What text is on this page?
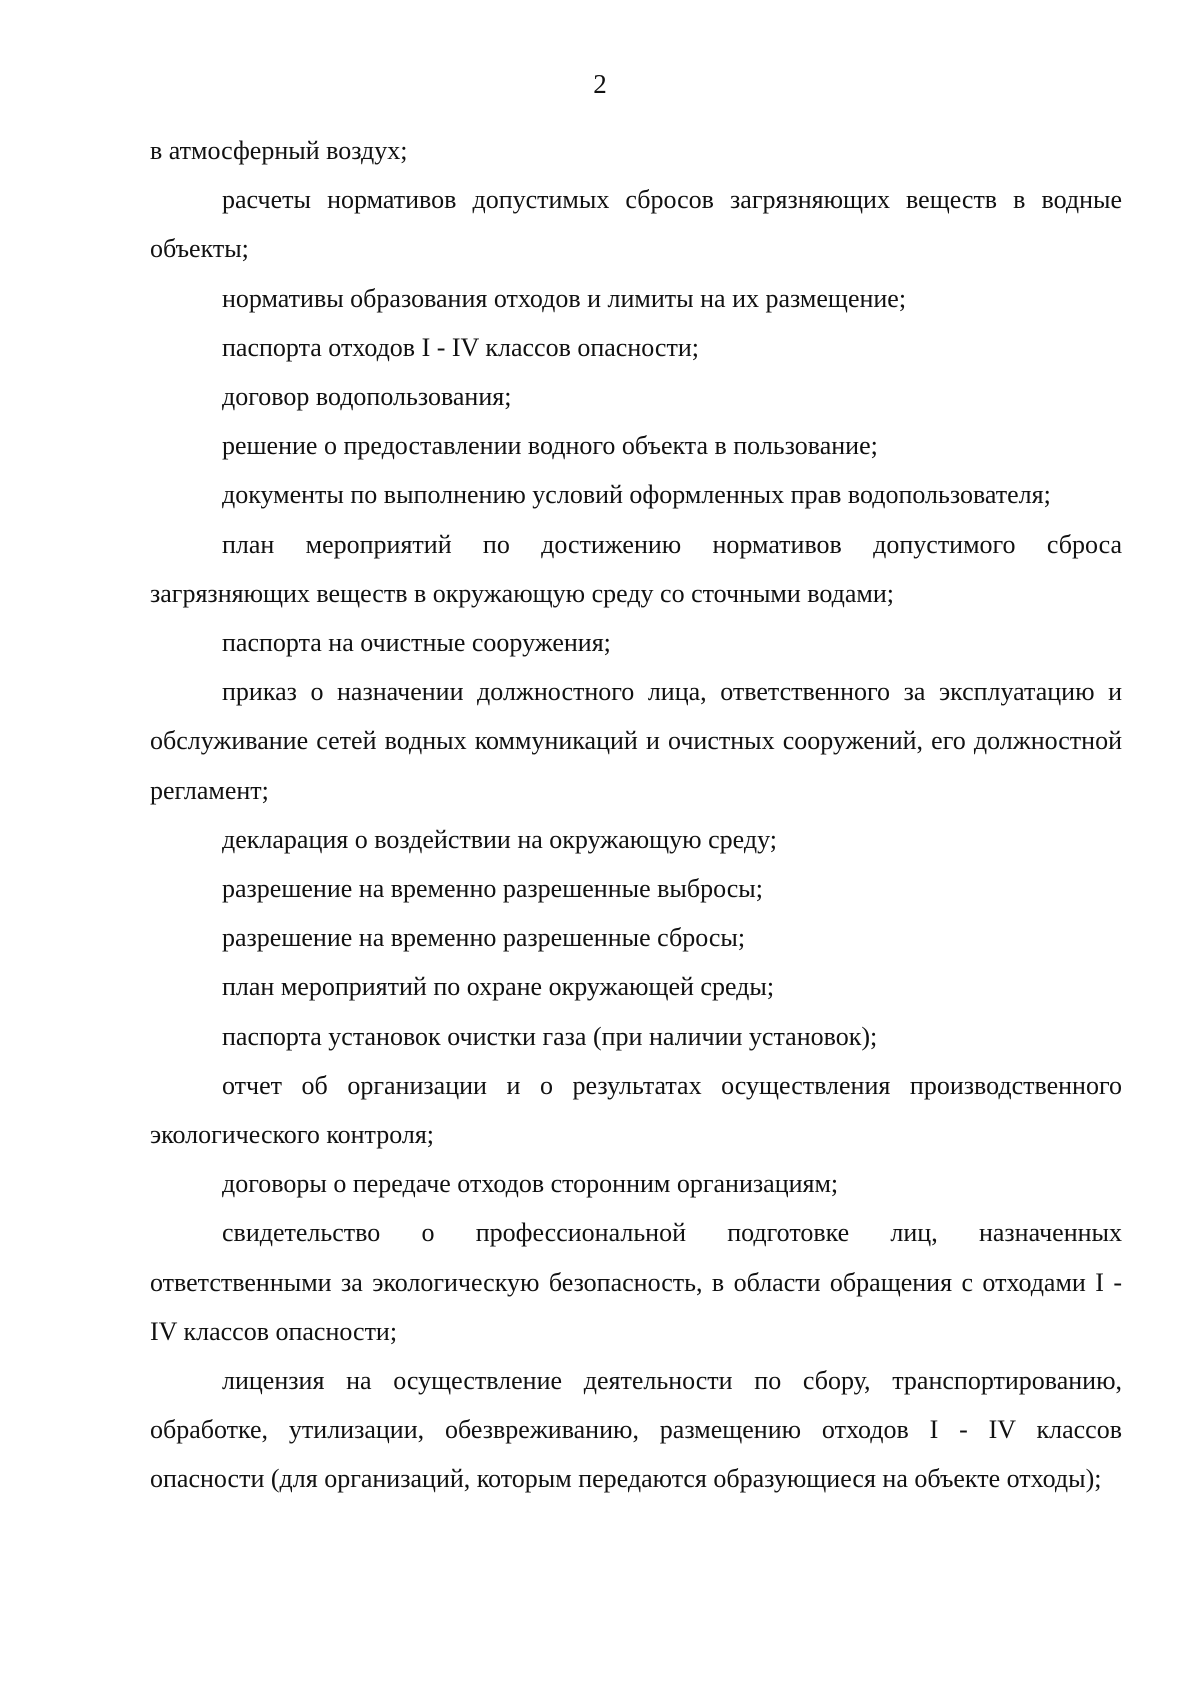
2

в атмосферный воздух;

расчеты нормативов допустимых сбросов загрязняющих веществ в водные объекты;

нормативы образования отходов и лимиты на их размещение;

паспорта отходов I - IV классов опасности;

договор водопользования;

решение о предоставлении водного объекта в пользование;

документы по выполнению условий оформленных прав водопользователя;

план мероприятий по достижению нормативов допустимого сброса загрязняющих веществ в окружающую среду со сточными водами;

паспорта на очистные сооружения;

приказ о назначении должностного лица, ответственного за эксплуатацию и обслуживание сетей водных коммуникаций и очистных сооружений, его должностной регламент;

декларация о воздействии на окружающую среду;

разрешение на временно разрешенные выбросы;

разрешение на временно разрешенные сбросы;

план мероприятий по охране окружающей среды;

паспорта установок очистки газа (при наличии установок);

отчет об организации и о результатах осуществления производственного экологического контроля;

договоры о передаче отходов сторонним организациям;

свидетельство о профессиональной подготовке лиц, назначенных ответственными за экологическую безопасность, в области обращения с отходами I - IV классов опасности;

лицензия на осуществление деятельности по сбору, транспортированию, обработке, утилизации, обезвреживанию, размещению отходов I - IV классов опасности (для организаций, которым передаются образующиеся на объекте отходы);
